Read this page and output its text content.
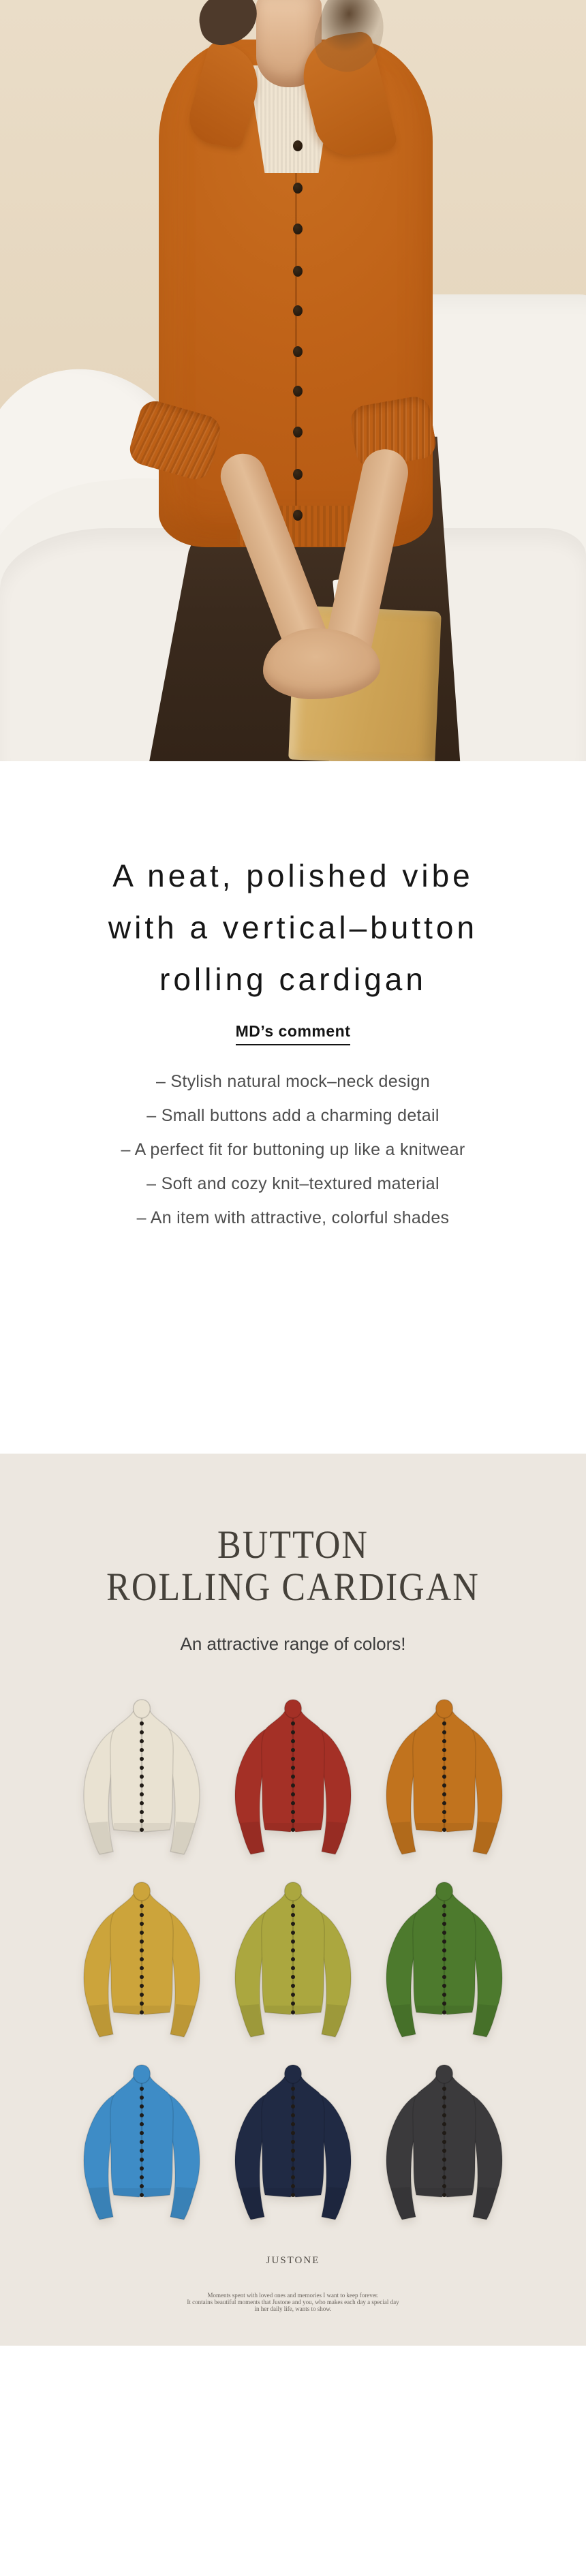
A neat, polished vibe
with a vertical–button
rolling cardigan
MD’s comment
– Stylish natural mock–neck design
– Small buttons add a charming detail
– A perfect fit for buttoning up like a knitwear
– Soft and cozy knit–textured material
– An item with attractive, colorful shades
BUTTON
ROLLING CARDIGAN
An attractive range of colors!
JUSTONE
Moments spent with loved ones and memories I want to keep forever.
It contains beautiful moments that Justone and you, who makes each day a special day
in her daily life, wants to show.
